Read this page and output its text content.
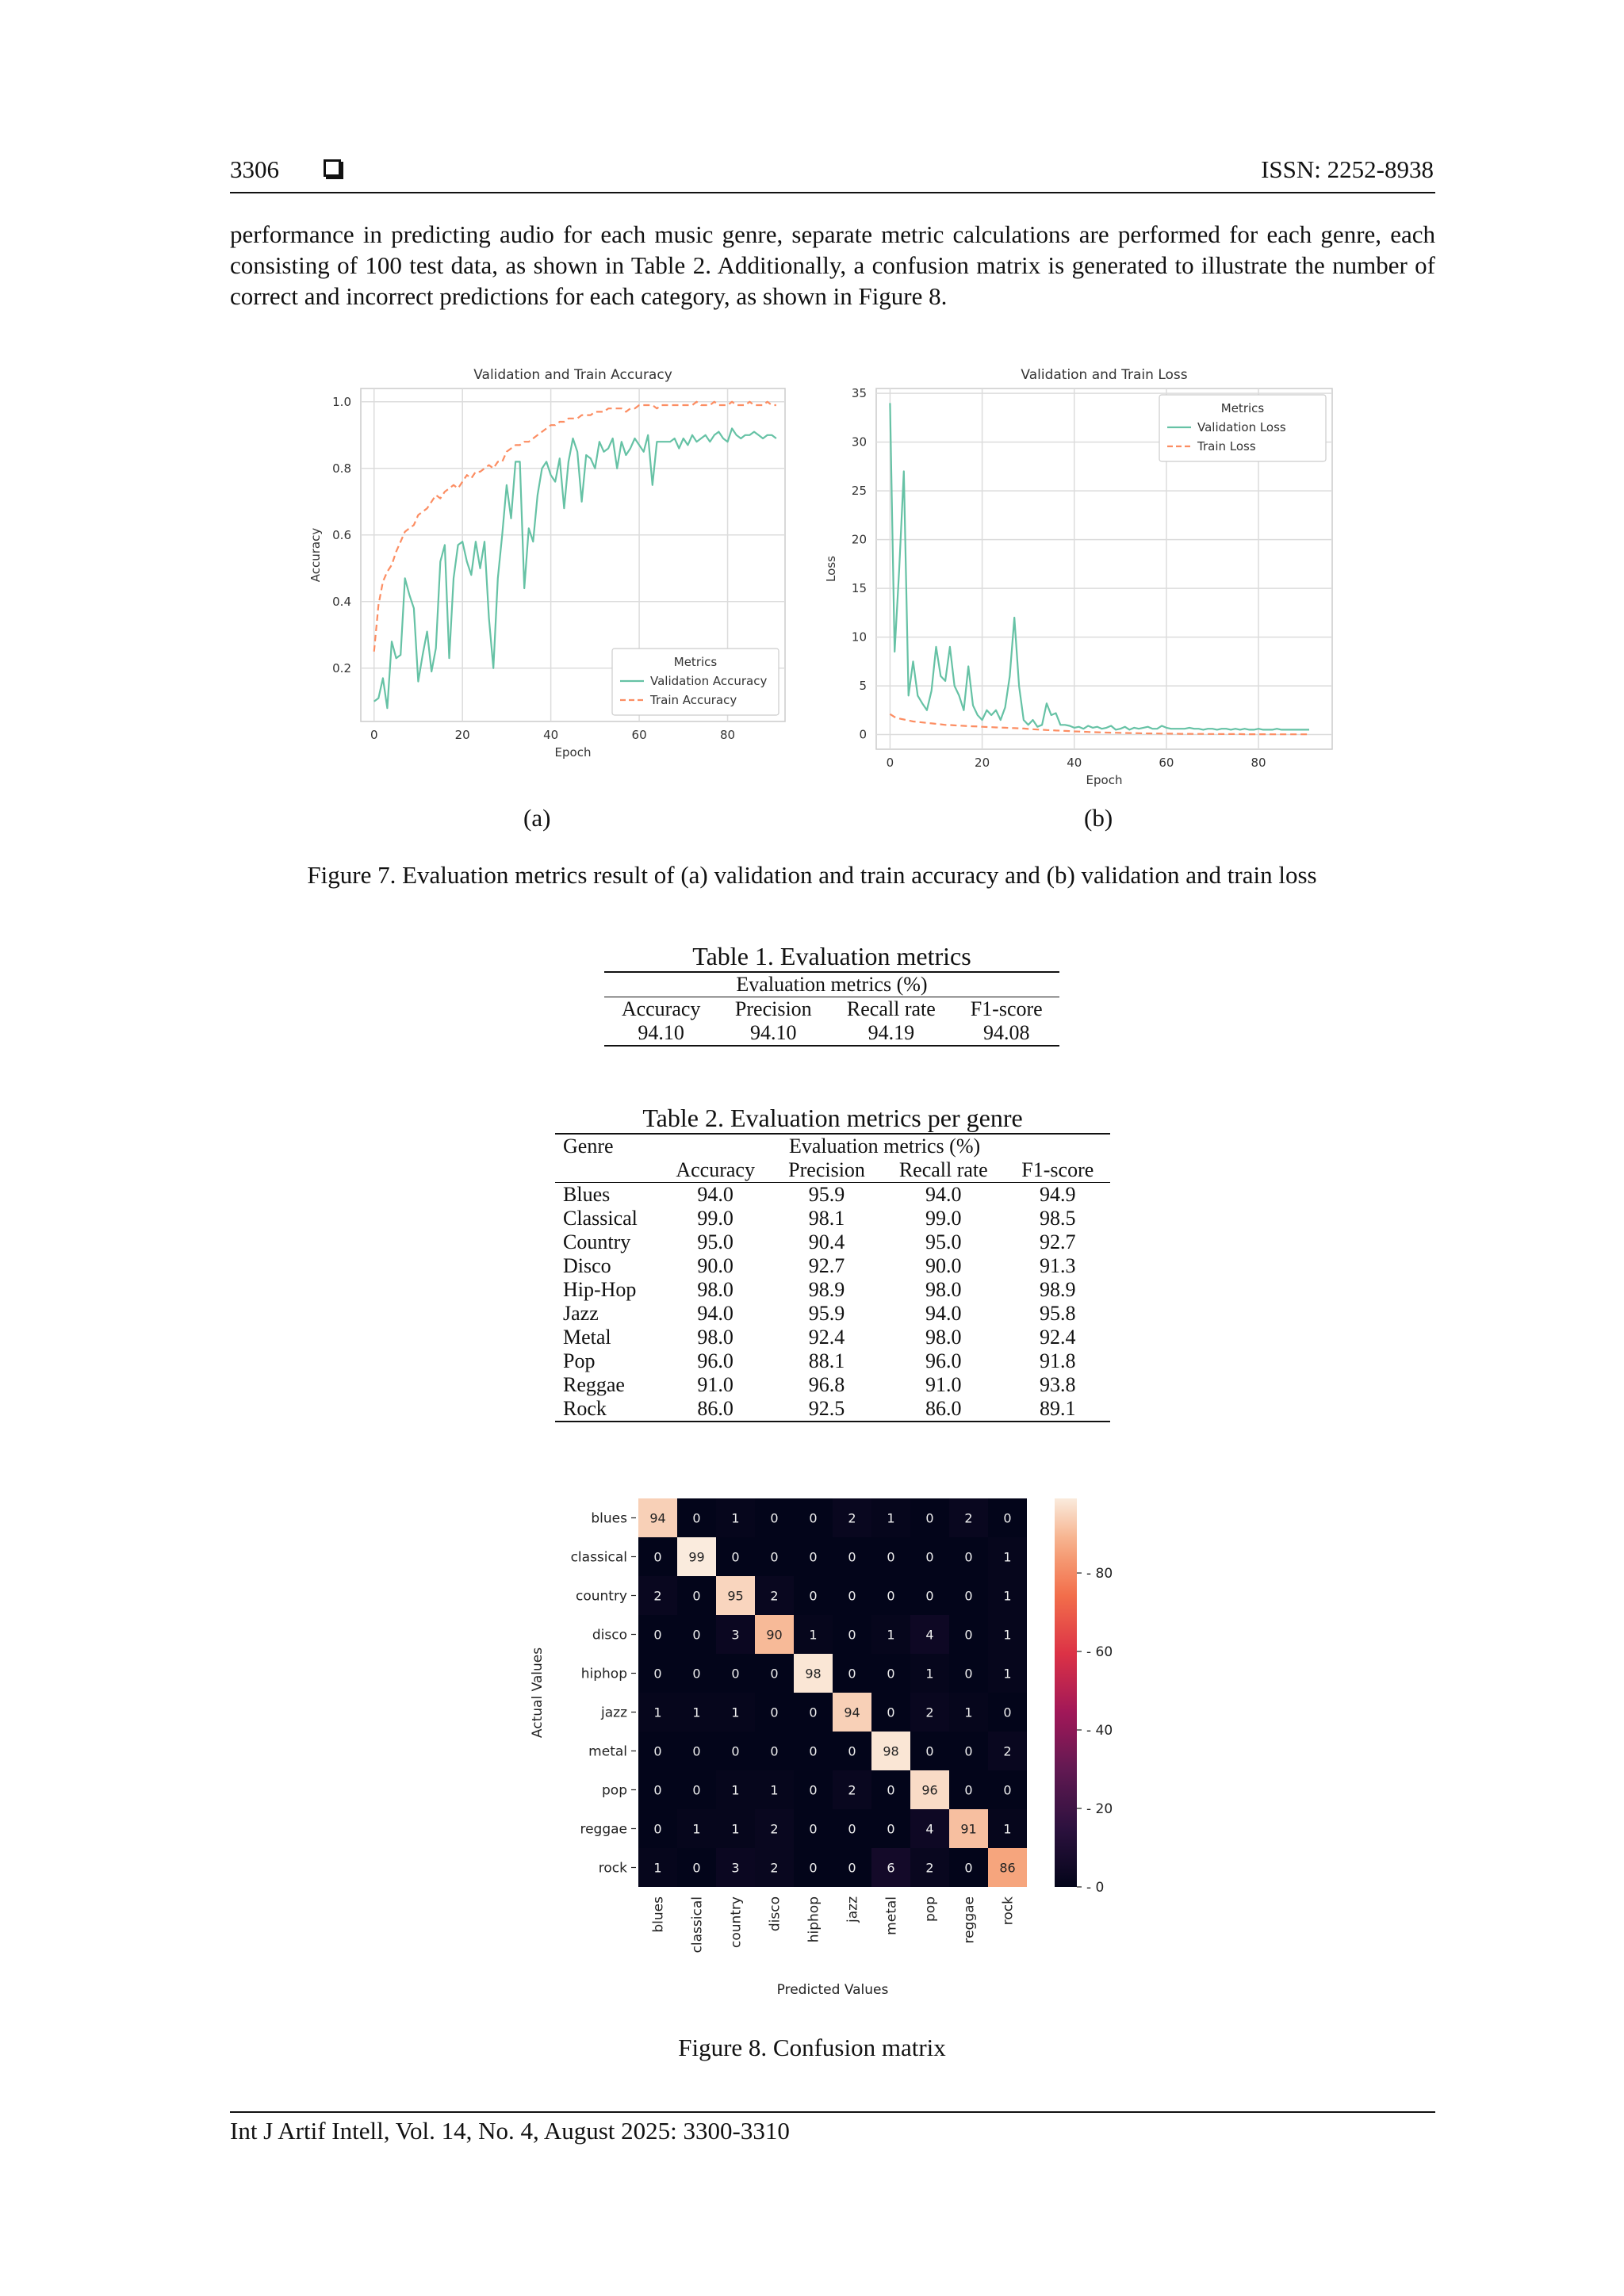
3306	ISSN: 2252-8938
performance in predicting audio for each music genre, separate metric calculations are performed for each genre, each consisting of 100 test data, as shown in Table 2. Additionally, a confusion matrix is generated to illustrate the number of correct and incorrect predictions for each category, as shown in Figure 8.
0	20	40	60	80
0.2
0.4
0.6
0.8
1.0
Validation and Train Accuracy
Epoch
Accuracy
Metrics
Validation Accuracy
Train Accuracy
0	20	40	60	80
0
5
10
15
20
25
30
35
Validation and Train Loss
Epoch
Loss
Metrics
Validation Loss
Train Loss
(a)	(b)
Figure 7. Evaluation metrics result of (a) validation and train accuracy and (b) validation and train loss
Table 1. Evaluation metrics
Evaluation metrics (%)			
Accuracy	Precision	Recall rate	F1-score
94.10	94.10	94.19	94.08
Table 2. Evaluation metrics per genre
Genre	Evaluation metrics (%)			
	Accuracy	Precision	Recall rate	F1-score
Blues	94.0	95.9	94.0	94.9
Classical	99.0	98.1	99.0	98.5
Country	95.0	90.4	95.0	92.7
Disco	90.0	92.7	90.0	91.3
Hip-Hop	98.0	98.9	98.0	98.9
Jazz	94.0	95.9	94.0	95.8
Metal	98.0	92.4	98.0	92.4
Pop	96.0	88.1	96.0	91.8
Reggae	91.0	96.8	91.0	93.8
Rock	86.0	92.5	86.0	89.1
94 0 1 0 0 2 1 0 2 0
0 99 0 0 0 0 0 0 0 1
2 0 95 2 0 0 0 0 0 1
0 0 3 90 1 0 1 4 0 1
0 0 0 0 98 0 0 1 0 1
1 1 1 0 0 94 0 2 1 0
0 0 0 0 0 0 98 0 0 2
0 0 1 1 0 2 0 96 0 0
0 1 1 2 0 0 0 4 91 1
1 0 3 2 0 0 6 2 0 86
blues
blues
classical
classical
country
country
disco
disco
hiphop
hiphop
jazz
jazz
metal
metal
pop
pop
reggae
reggae
rock
rock
Predicted Values
Actual Values
- 0
- 20
- 40
- 60
- 80
Figure 8. Confusion matrix
Int J Artif Intell, Vol. 14, No. 4, August 2025: 3300-3310
